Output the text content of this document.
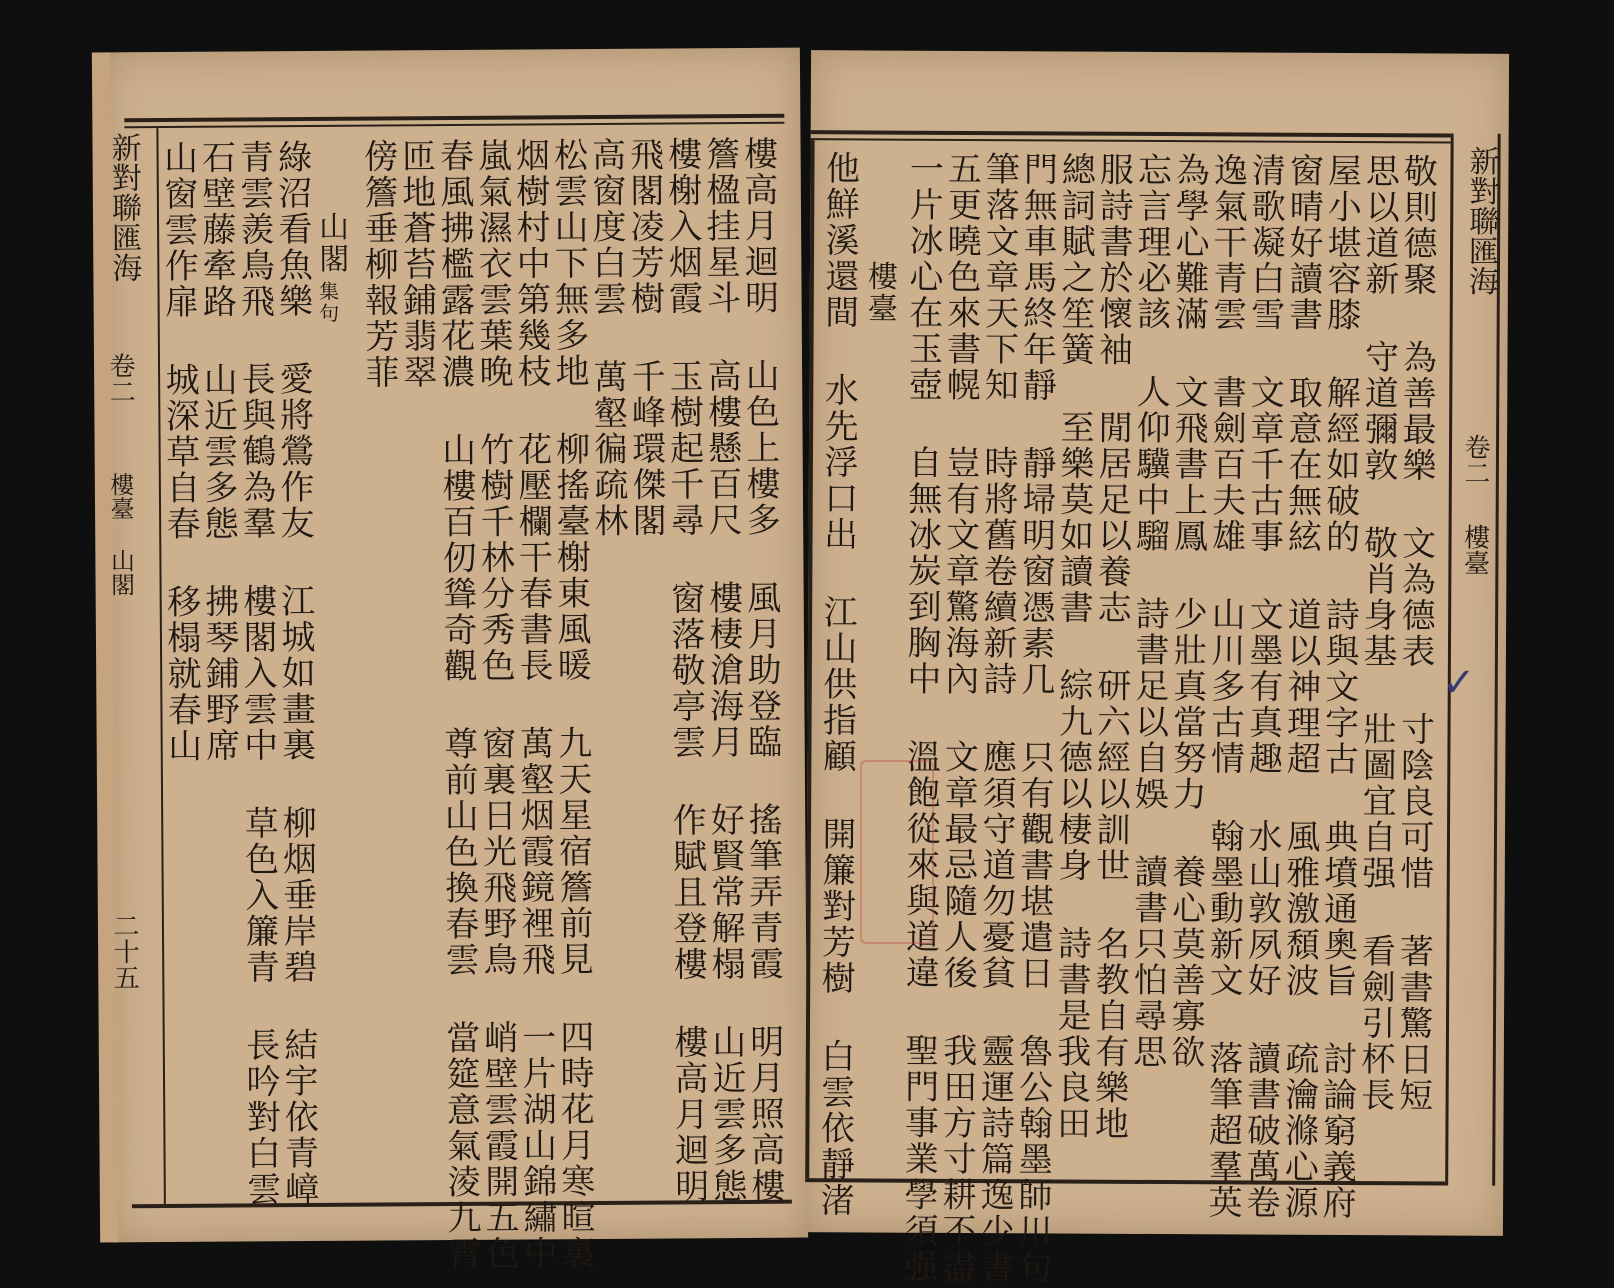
新對聯匯海
卷二
樓臺 山閣
二十五	樓高月迴明 山色上樓多 風月助登臨 搖筆弄青霞 明月照高樓
簷楹挂星斗 高樓懸百尺 樓棲滄海月 好賢常解榻 山近雲多態
樓榭入烟霞 玉樹起千尋 窗落敬亭雲 作賦且登樓 樓高月迴明
飛閣凌芳樹 千峰環傑閣
高窗度白雲 萬壑徧疏林
松雲山下無多地 柳搖臺榭東風暖 九天星宿簷前見 四時花月寒暄裏
烟樹村中第幾枝 花壓欄干春書長 萬壑烟霞鏡裡飛 一片湖山錦繡中
嵐氣濕衣雲葉晚 竹樹千林分秀色 窗裏日光飛野鳥 峭壁雲霞開五色
春風拂檻露花濃 山樓百仞聳奇觀 尊前山色換春雲 當筵意氣淩九霄
匝地蒼苔鋪翡翠
傍簷垂柳報芳菲
山閣
集句
綠沼看魚樂 愛將鶯作友 江城如畫裏 柳烟垂岸碧 結宇依青嶂
青雲羨鳥飛 長與鶴為羣 樓閣入雲中 草色入簾青 長吟對白雲
石壁藤牽路 山近雲多態 拂琴鋪野席
山窗雲作扉 城深草自春 移榻就春山	新對聯匯海
卷二
樓臺
敬則德聚 為善最樂 文為德表 寸陰良可惜 著書驚日短
思以道新 守道彌敦 敬肖身基 壯圖宜自强 看劍引杯長
屋小堪容膝 解經如破的 詩與文字古 典墳通奧旨 討論窮義府
窗晴好讀書 取意在無絃 道以神理超 風雅激頹波 疏瀹滌心源
清歌凝白雪 文章千古事 文墨有真趣 水山敦夙好 讀書破萬卷
逸氣干青雲 書劍百夫雄 山川多古情 翰墨動新文 落筆超羣英
為學心難滿 文飛書上鳳 少壯真當努力 養心莫善寡欲
忘言理必該 人仰驥中騮 詩書足以自娛 讀書只怕尋思
服詩書於懷袖 閒居足以養志 研六經以訓世 名教自有樂地
總詞賦之笙簧 至樂莫如讀書 綜九德以棲身 詩書是我良田
門無車馬終年靜 靜埽明窗憑素几 只有觀書堪遣日 魯公翰墨師川句
筆落文章天下知 時將舊卷續新詩 應須守道勿憂貧 靈運詩篇逸少書
五更曉色來書幌 豈有文章驚海內 文章最忌隨人後 我田方寸耕不盡
一片冰心在玉壺 自無冰炭到胸中 溫飽從來與道違 聖門事業學須强
樓臺
他鮮溪還間 水先浮口出 江山供指顧 開簾對芳樹 白雲依靜渚	✓
